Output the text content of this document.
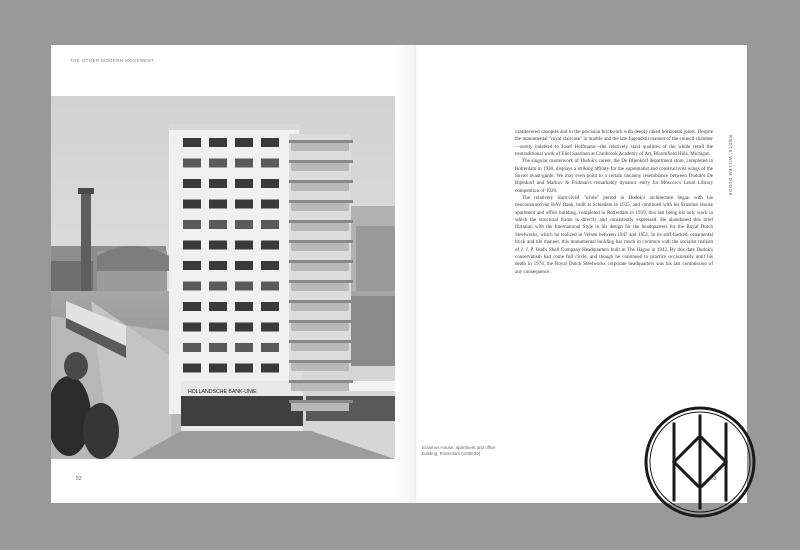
THE OTHER MODERN MOVEMENT
ROOTS: WILLEM DUDOK
HOLLANDSCHE BANK-UNIE
Erasmus House, apartment and office building, Rotterdam (1938-39)
52	53

cantilevered canopies and in the precision brickwork with deeply raked horizontal joints. Despite the monumental "royal staircase" in marble and the late Jugendstil manner of the council chamber—surely indebted to Josef Hoffmann—the relatively staid qualities of the whole recall the neotraditional work of Eliel Saarinen at Cranbrook Academy of Art, Bloomfield Hills, Michigan.

The singular masterwork of Dudok's career, the De Bijenkorf department store, completed in Rotterdam in 1930, displays a striking affinity for the suprematist and constructivist wings of the Soviet avant-garde. We may even point to a certain uncanny resemblance between Dudok's De Bijenkorf and Markov & Fridman's remarkably dynamic entry for Moscow's Lenin Library competition of 1928.

The relatively short-lived "white" period in Dudok's architecture began with his neoconstructivist HAV Bank, built at Schiedam in 1935, and continued with his Erasmus House apartment and office building, completed in Rotterdam in 1939, this last being his only work in which the structural frame is directly and consistently expressed. He abandoned this brief flirtation with the International Style in his design for the headquarters for the Royal Dutch Steelworks, which he realized in Velsen between 1947 and 1951. In its stiff-backed, ornamental brick and tile manner, this monumental building has much in common with the socialist realism of J. J. P. Oud's Shell Company Headquarters built in The Hague in 1942. By this date Dudok's conservatism had come full circle, and though he continued to practice occasionally until his death in 1974, the Royal Dutch Steelworks corporate headquarters was his last commission of any consequence.
